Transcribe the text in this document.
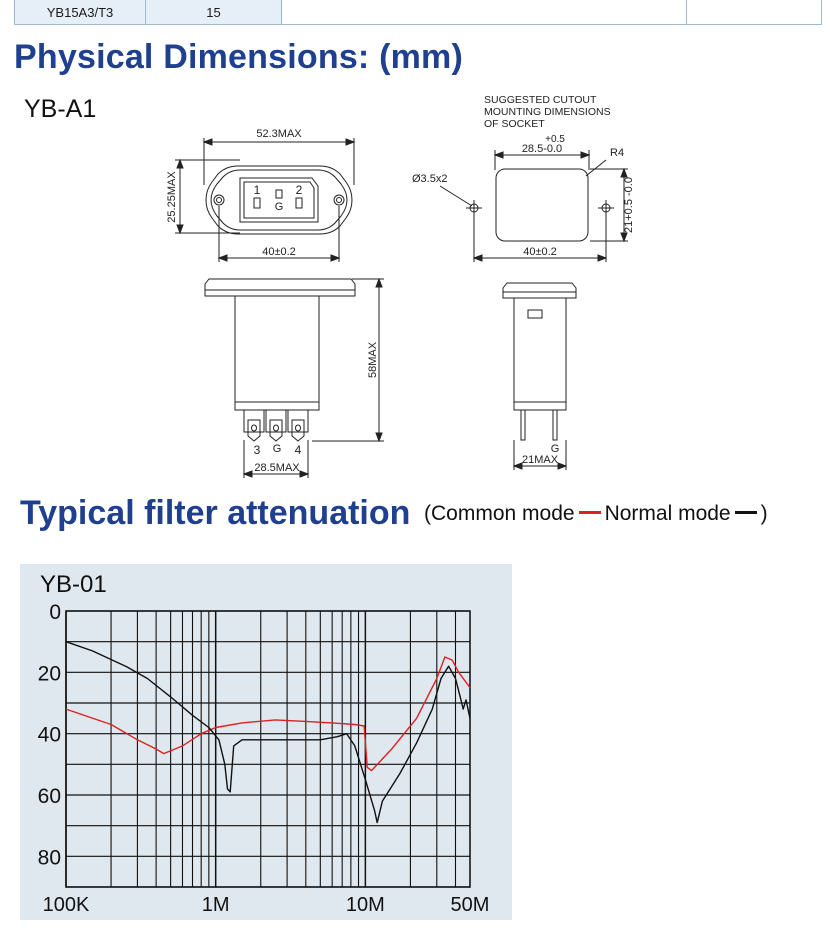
YB15A3/T3	15
Physical Dimensions: (mm)
YB-A1
52.3MAX
25.25MAX	1	2
G
40±0.2
SUGGESTED CUTOUT
MOUNTING DIMENSIONS
OF SOCKET
+0.5
28.5-0.0	R4
Ø3.5x2
40±0.2
21+0.5 -0.0
3 G 4
28.5MAX
58MAX
G
21MAX
Typical filter attenuation (Common mode Normal mode )
YB-01
0
20
40
60
80
100K	1M	10M	50M
